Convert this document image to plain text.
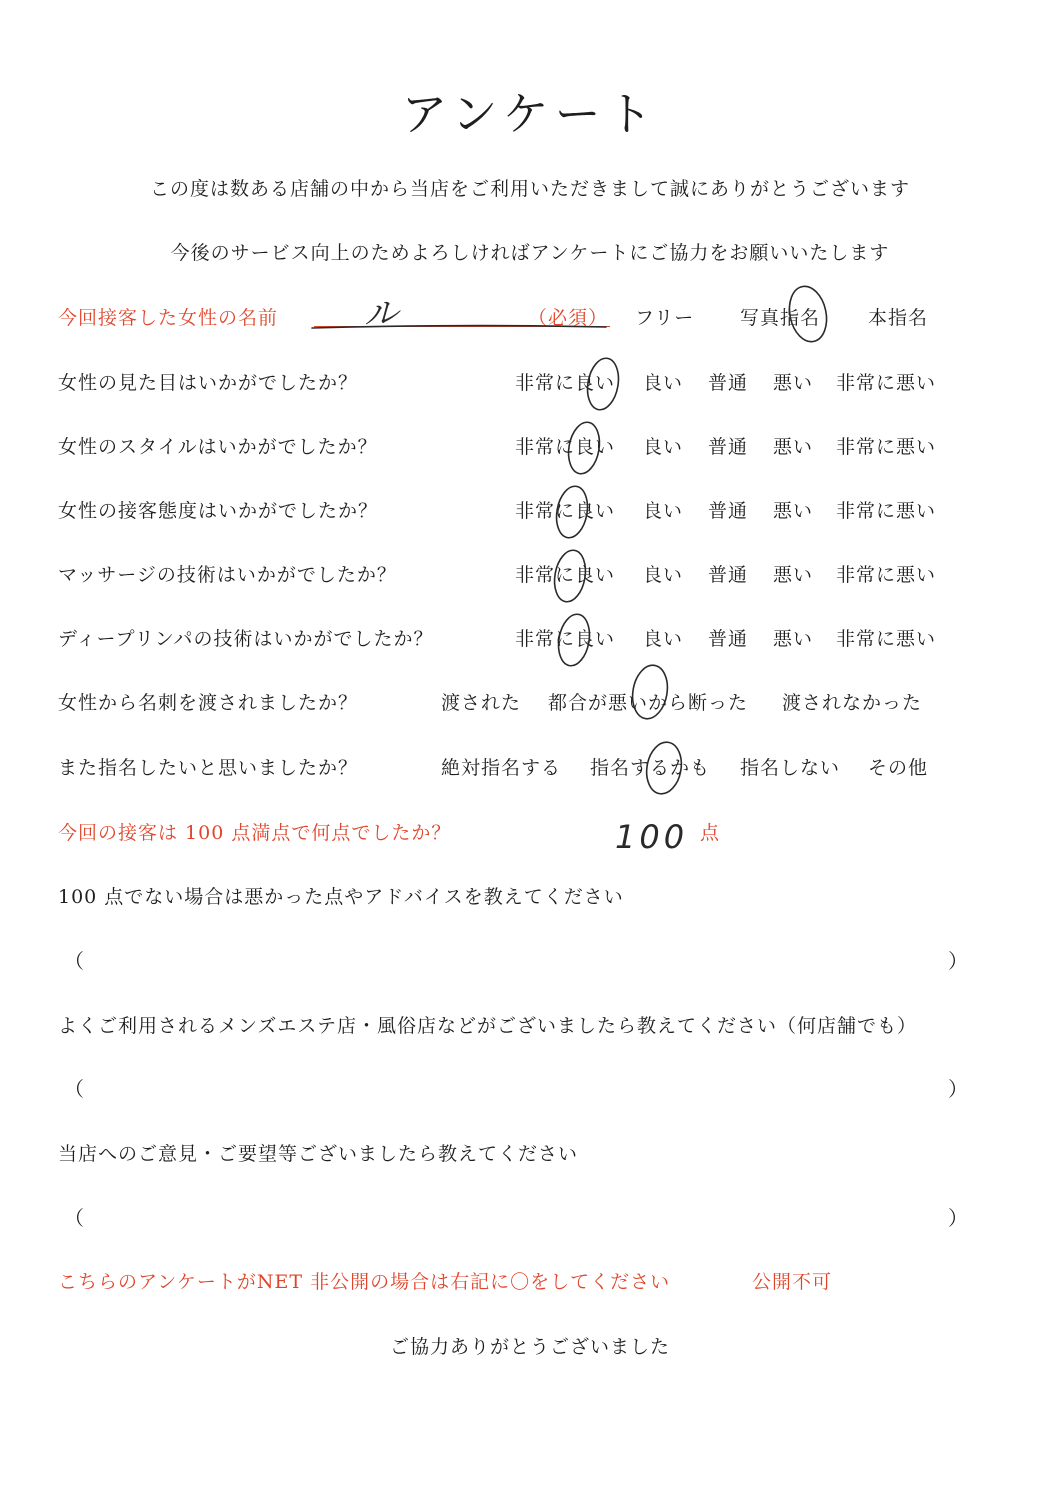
アンケート
この度は数ある店舗の中から当店をご利用いただきまして誠にありがとうございます
今後のサービス向上のためよろしければアンケートにご協力をお願いいたします
今回接客した女性の名前	ル	（必須） フリー 写真指名	本指名
女性の見た目はいかがでしたか？	非常に良い 良い 普通 悪い 非常に悪い
女性のスタイルはいかがでしたか？	非常に良い 良い 普通 悪い 非常に悪い
女性の接客態度はいかがでしたか？	非常に良い 良い 普通 悪い 非常に悪い
マッサージの技術はいかがでしたか？	非常に良い 良い 普通 悪い 非常に悪い
ディープリンパの技術はいかがでしたか？	非常に良い 良い 普通 悪い 非常に悪い
女性から名刺を渡されましたか？	渡された 都合が悪いから断った 渡されなかった
また指名したいと思いましたか？	絶対指名する 指名するかも 指名しない その他
今回の接客は 100 点満点で何点でしたか？	100 点
100 点でない場合は悪かった点やアドバイスを教えてください
（	）
よくご利用されるメンズエステ店・風俗店などがございましたら教えてください（何店舗でも）
（	）
当店へのご意見・ご要望等ございましたら教えてください
（	）
こちらのアンケートがNET 非公開の場合は右記に〇をしてください	公開不可
ご協力ありがとうございました
